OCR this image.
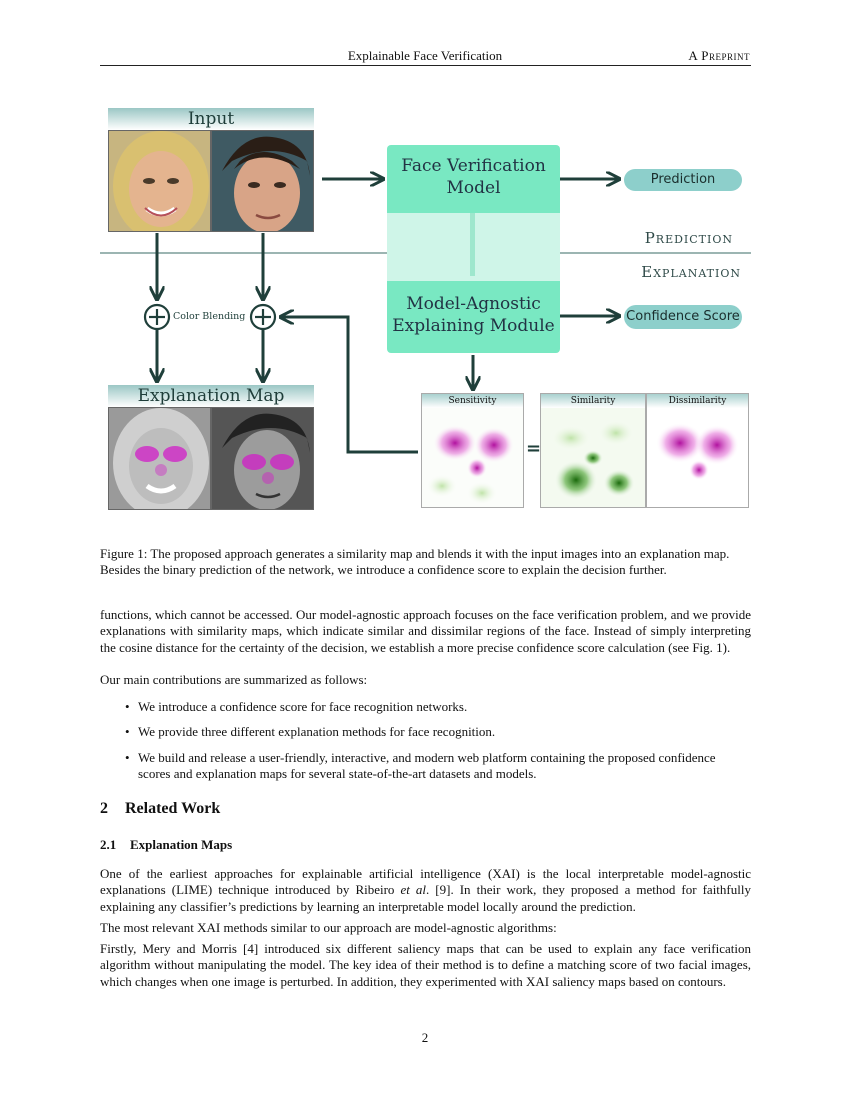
Explainable Face Verification	A Preprint
Input
Face Verification Model
Model-Agnostic Explaining Module
Prediction
Confidence Score
Prediction
Explanation
Color Blending
Explanation Map	Sensitivity
=
Similarity	Dissimilarity
Figure 1: The proposed approach generates a similarity map and blends it with the input images into an explanation map. Besides the binary prediction of the network, we introduce a confidence score to explain the decision further.
functions, which cannot be accessed. Our model-agnostic approach focuses on the face verification problem, and we provide explanations with similarity maps, which indicate similar and dissimilar regions of the face. Instead of simply interpreting the cosine distance for the certainty of the decision, we establish a more precise confidence score calculation (see Fig. 1).
Our main contributions are summarized as follows:
• We introduce a confidence score for face recognition networks.
• We provide three different explanation methods for face recognition.
• We build and release a user-friendly, interactive, and modern web platform containing the proposed confidence scores and explanation maps for several state-of-the-art datasets and models.
2 Related Work
2.1 Explanation Maps
One of the earliest approaches for explainable artificial intelligence (XAI) is the local interpretable model-agnostic explanations (LIME) technique introduced by Ribeiro et al. [9]. In their work, they proposed a method for faithfully explaining any classifier’s predictions by learning an interpretable model locally around the prediction.
The most relevant XAI methods similar to our approach are model-agnostic algorithms:
Firstly, Mery and Morris [4] introduced six different saliency maps that can be used to explain any face verification algorithm without manipulating the model. The key idea of their method is to define a matching score of two facial images, which changes when one image is perturbed. In addition, they experimented with XAI saliency maps based on contours.
2
